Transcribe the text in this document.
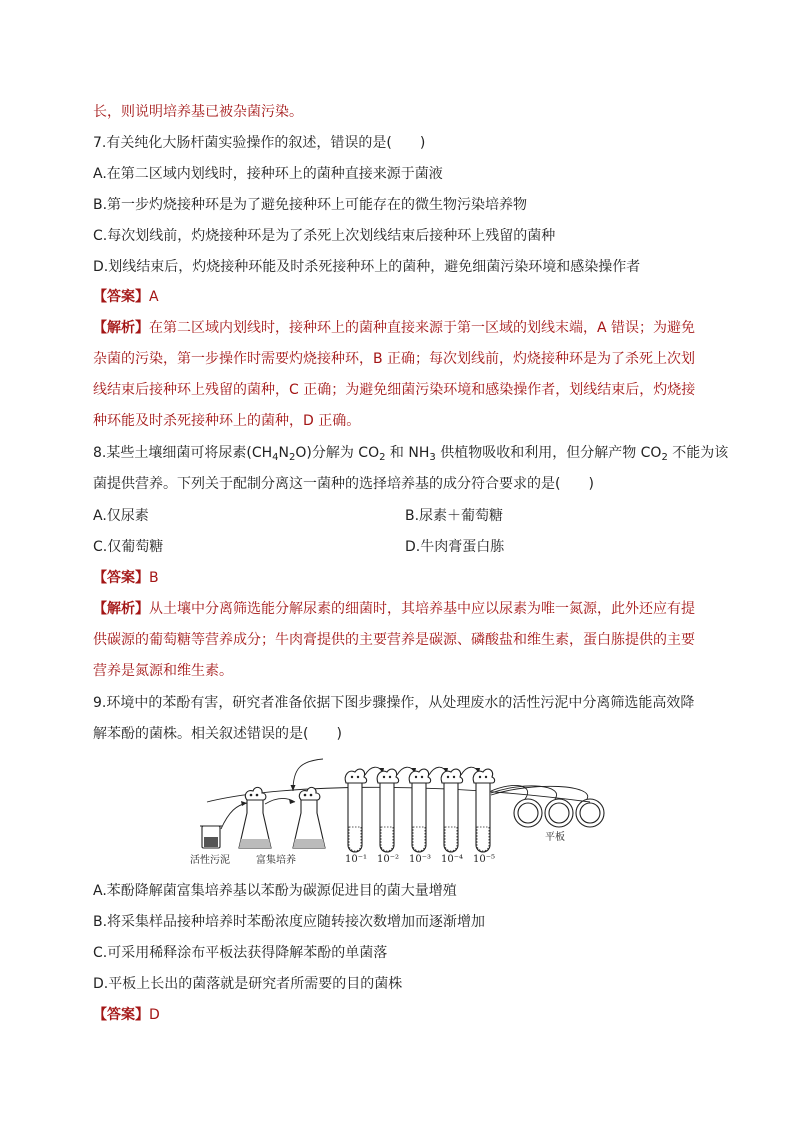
长，则说明培养基已被杂菌污染。
7.有关纯化大肠杆菌实验操作的叙述，错误的是(　　)
A.在第二区域内划线时，接种环上的菌种直接来源于菌液
B.第一步灼烧接种环是为了避免接种环上可能存在的微生物污染培养物
C.每次划线前，灼烧接种环是为了杀死上次划线结束后接种环上残留的菌种
D.划线结束后，灼烧接种环能及时杀死接种环上的菌种，避免细菌污染环境和感染操作者
【答案】A
【解析】在第二区域内划线时，接种环上的菌种直接来源于第一区域的划线末端，A 错误；为避免
杂菌的污染，第一步操作时需要灼烧接种环，B 正确；每次划线前，灼烧接种环是为了杀死上次划
线结束后接种环上残留的菌种，C 正确；为避免细菌污染环境和感染操作者，划线结束后，灼烧接
种环能及时杀死接种环上的菌种，D 正确。
8.某些土壤细菌可将尿素$(CH_4N_2O)$分解为 $CO_2$ 和 $NH_3$ 供植物吸收和利用，但分解产物 $CO_2$ 不能为该
菌提供营养。下列关于配制分离这一菌种的选择培养基的成分符合要求的是(　　)
A.仅尿素	B.尿素＋葡萄糖
C.仅葡萄糖	D.牛肉膏蛋白胨
【答案】B
【解析】从土壤中分离筛选能分解尿素的细菌时，其培养基中应以尿素为唯一氮源，此外还应有提
供碳源的葡萄糖等营养成分；牛肉膏提供的主要营养是碳源、磷酸盐和维生素，蛋白胨提供的主要
营养是氮源和维生素。
9.环境中的苯酚有害，研究者准备依据下图步骤操作，从处理废水的活性污泥中分离筛选能高效降
解苯酚的菌株。相关叙述错误的是(　　)
活性污泥	富集培养
平板
10⁻¹ 10⁻² 10⁻³ 10⁻⁴ 10⁻⁵
A.苯酚降解菌富集培养基以苯酚为碳源促进目的菌大量增殖
B.将采集样品接种培养时苯酚浓度应随转接次数增加而逐渐增加
C.可采用稀释涂布平板法获得降解苯酚的单菌落
D.平板上长出的菌落就是研究者所需要的目的菌株
【答案】D
